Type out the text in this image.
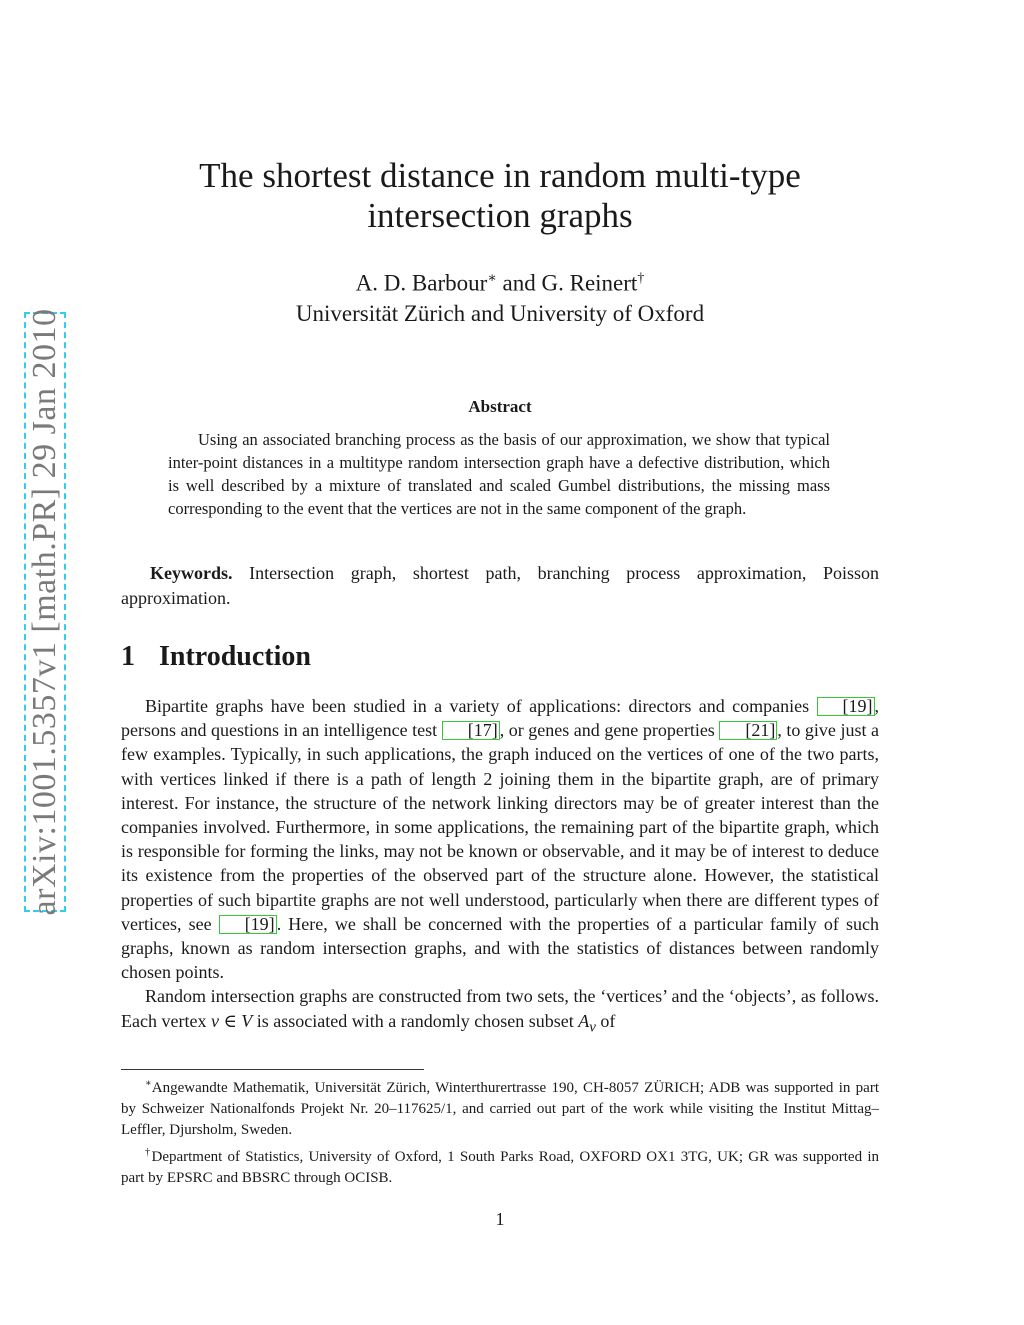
arXiv:1001.5357v1 [math.PR] 29 Jan 2010
The shortest distance in random multi-type
intersection graphs
A. D. Barbour∗ and G. Reinert†
Universität Zürich and University of Oxford
Abstract

Using an associated branching process as the basis of our approximation, we show that typical inter-point distances in a multitype random intersection graph have a defective distribution, which is well described by a mixture of translated and scaled Gumbel distributions, the missing mass corresponding to the event that the vertices are not in the same component of the graph.

Keywords. Intersection graph, shortest path, branching process approximation, Poisson approximation.

1 Introduction

Bipartite graphs have been studied in a variety of applications: directors and companies [19] , persons and questions in an intelligence test [17] , or genes and gene properties [21] , to give just a few examples. Typically, in such applications, the graph induced on the vertices of one of the two parts, with vertices linked if there is a path of length 2 joining them in the bipartite graph, are of primary interest. For instance, the structure of the network linking directors may be of greater interest than the companies involved. Furthermore, in some applications, the remaining part of the bipartite graph, which is responsible for forming the links, may not be known or observable, and it may be of interest to deduce its existence from the properties of the observed part of the structure alone. However, the statistical properties of such bipartite graphs are not well understood, particularly when there are different types of vertices, see [19] . Here, we shall be concerned with the properties of a particular family of such graphs, known as random intersection graphs, and with the statistics of distances between randomly chosen points.

Random intersection graphs are constructed from two sets, the ‘vertices’ and the ‘objects’, as follows. Each vertex v ∈ V is associated with a randomly chosen subset $A_v$ of

∗Angewandte Mathematik, Universität Zürich, Winterthurertrasse 190, CH-8057 ZÜRICH; ADB was supported in part by Schweizer Nationalfonds Projekt Nr. 20–117625/1, and carried out part of the work while visiting the Institut Mittag–Leffler, Djursholm, Sweden.

†Department of Statistics, University of Oxford, 1 South Parks Road, OXFORD OX1 3TG, UK; GR was supported in part by EPSRC and BBSRC through OCISB.

1
